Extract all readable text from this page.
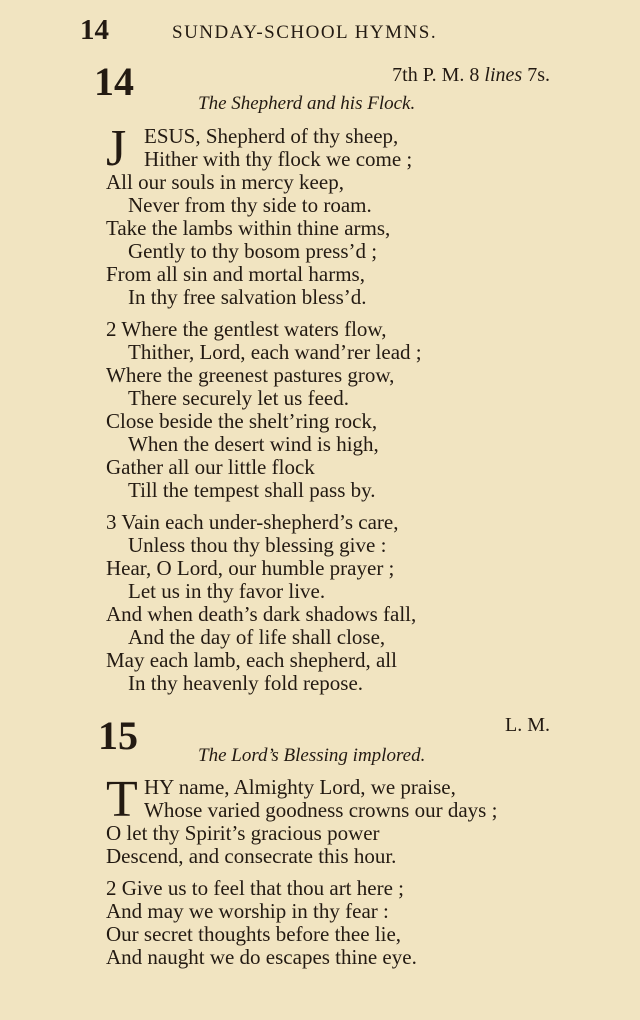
14	SUNDAY-SCHOOL HYMNS.
14	7th P. M. 8 lines 7s.
The Shepherd and his Flock.
J ESUS, Shepherd of thy sheep,
Hither with thy flock we come ;
All our souls in mercy keep,
Never from thy side to roam.
Take the lambs within thine arms,
Gently to thy bosom press’d ;
From all sin and mortal harms,
In thy free salvation bless’d.
2 Where the gentlest waters flow,
Thither, Lord, each wand’rer lead ;
Where the greenest pastures grow,
There securely let us feed.
Close beside the shelt’ring rock,
When the desert wind is high,
Gather all our little flock
Till the tempest shall pass by.
3 Vain each under-shepherd’s care,
Unless thou thy blessing give :
Hear, O Lord, our humble prayer ;
Let us in thy favor live.
And when death’s dark shadows fall,
And the day of life shall close,
May each lamb, each shepherd, all
In thy heavenly fold repose.
15	L. M.
The Lord’s Blessing implored.
T HY name, Almighty Lord, we praise,
Whose varied goodness crowns our days ;
O let thy Spirit’s gracious power
Descend, and consecrate this hour.
2 Give us to feel that thou art here ;
And may we worship in thy fear :
Our secret thoughts before thee lie,
And naught we do escapes thine eye.
